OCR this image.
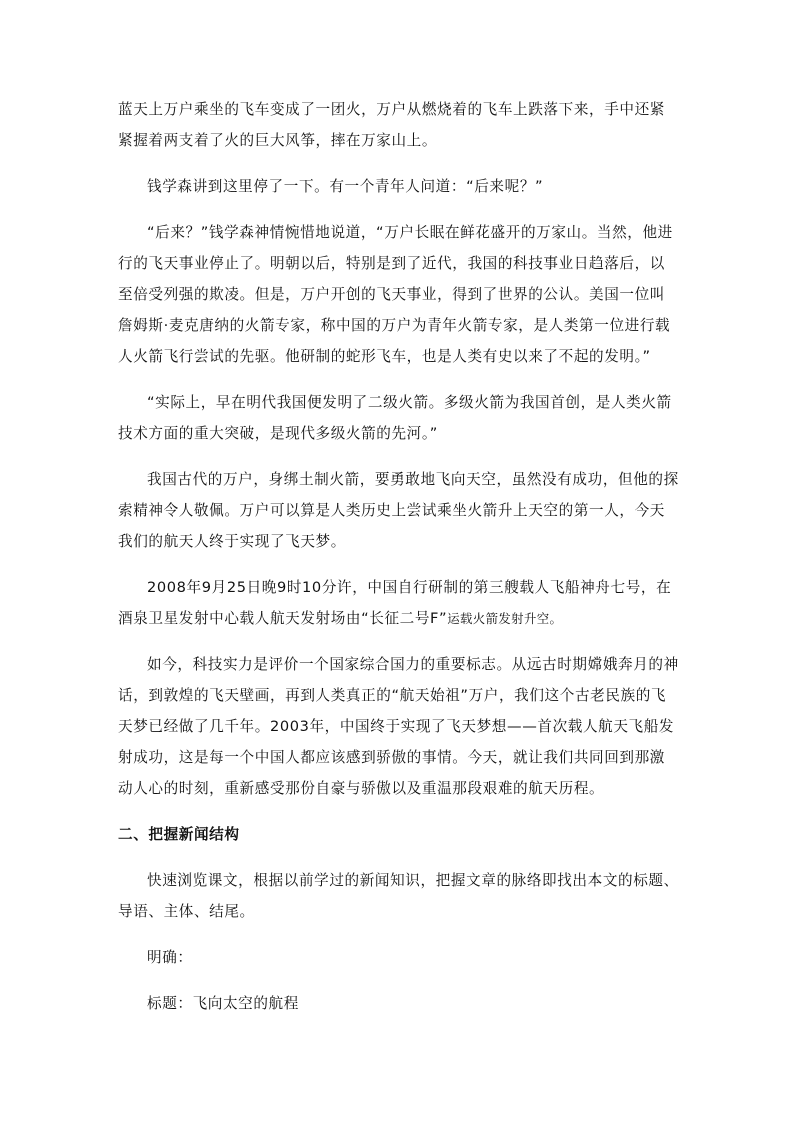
蓝天上万户乘坐的飞车变成了一团火，万户从燃烧着的飞车上跌落下来，手中还紧紧握着两支着了火的巨大风筝，摔在万家山上。

钱学森讲到这里停了一下。有一个青年人问道：“后来呢？”

“后来？”钱学森神情惋惜地说道，“万户长眠在鲜花盛开的万家山。当然，他进行的飞天事业停止了。明朝以后，特别是到了近代，我国的科技事业日趋落后，以至倍受列强的欺凌。但是，万户开创的飞天事业，得到了世界的公认。美国一位叫詹姆斯·麦克唐纳的火箭专家，称中国的万户为青年火箭专家，是人类第一位进行载人火箭飞行尝试的先驱。他研制的蛇形飞车，也是人类有史以来了不起的发明。”

“实际上，早在明代我国便发明了二级火箭。多级火箭为我国首创，是人类火箭技术方面的重大突破，是现代多级火箭的先河。”

我国古代的万户，身绑土制火箭，要勇敢地飞向天空，虽然没有成功，但他的探索精神令人敬佩。万户可以算是人类历史上尝试乘坐火箭升上天空的第一人，今天我们的航天人终于实现了飞天梦。

2008年9月25日晚9时10分许，中国自行研制的第三艘载人飞船神舟七号，在酒泉卫星发射中心载人航天发射场由“长征二号F”运载火箭发射升空。

如今，科技实力是评价一个国家综合国力的重要标志。从远古时期嫦娥奔月的神话，到敦煌的飞天壁画，再到人类真正的“航天始祖”万户，我们这个古老民族的飞天梦已经做了几千年。2003年，中国终于实现了飞天梦想——首次载人航天飞船发射成功，这是每一个中国人都应该感到骄傲的事情。今天，就让我们共同回到那激动人心的时刻，重新感受那份自豪与骄傲以及重温那段艰难的航天历程。

二、把握新闻结构

快速浏览课文，根据以前学过的新闻知识，把握文章的脉络即找出本文的标题、导语、主体、结尾。

明确：

标题：飞向太空的航程
